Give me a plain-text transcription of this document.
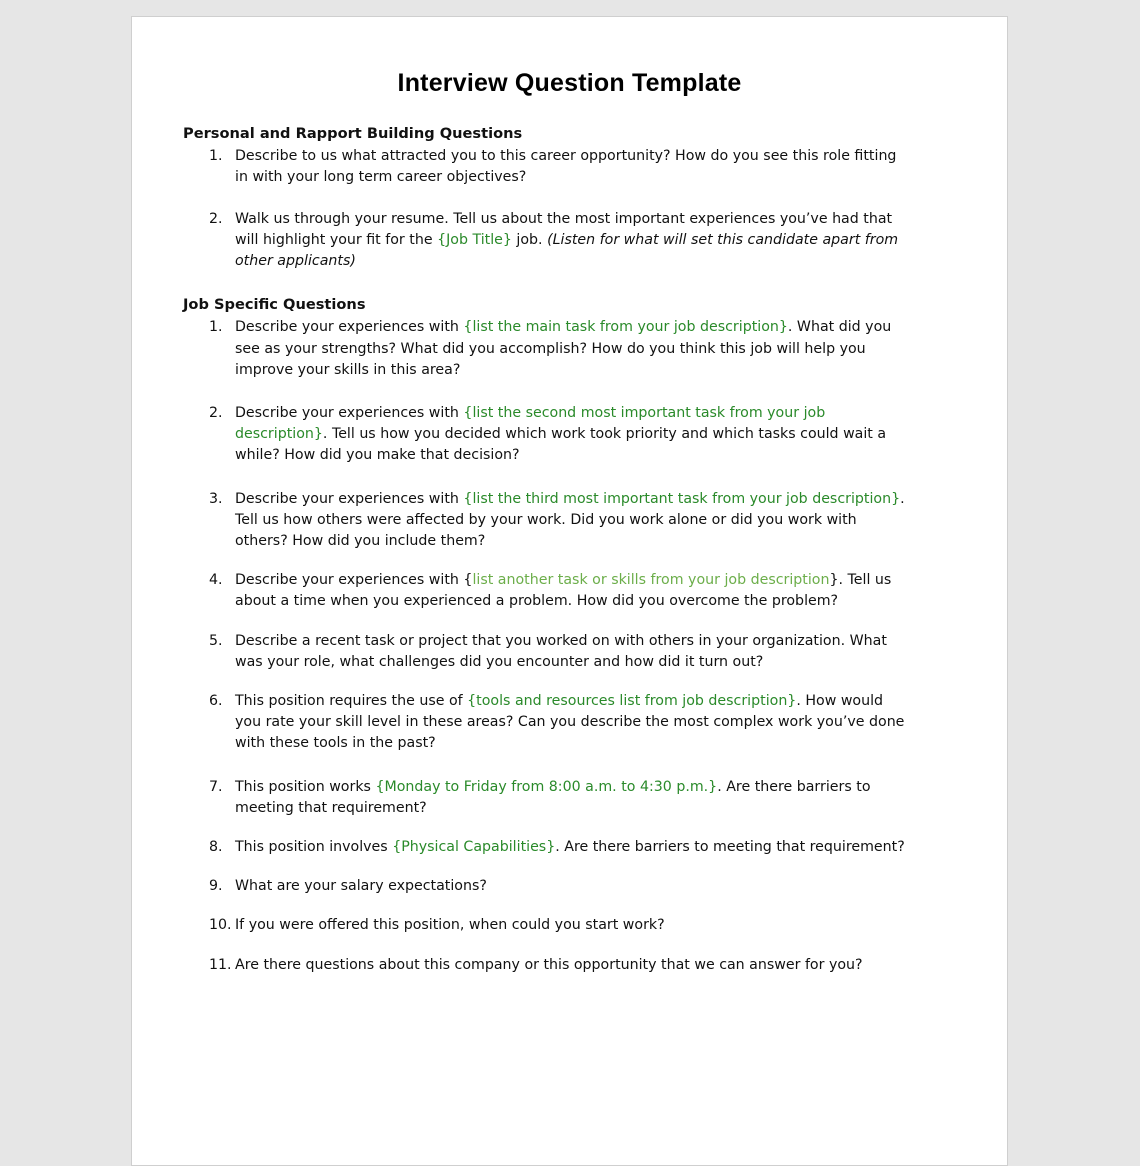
Interview Question Template

Personal and Rapport Building Questions

1. Describe to us what attracted you to this career opportunity? How do you see this role fitting in with your long term career objectives?
2. Walk us through your resume. Tell us about the most important experiences you’ve had that will highlight your fit for the {Job Title} job. (Listen for what will set this candidate apart from other applicants)

Job Specific Questions

1. Describe your experiences with {list the main task from your job description}. What did you see as your strengths? What did you accomplish? How do you think this job will help you improve your skills in this area?
2. Describe your experiences with {list the second most important task from your job description}. Tell us how you decided which work took priority and which tasks could wait a while? How did you make that decision?
3. Describe your experiences with {list the third most important task from your job description}. Tell us how others were affected by your work. Did you work alone or did you work with others? How did you include them?
4. Describe your experiences with {list another task or skills from your job description}. Tell us about a time when you experienced a problem. How did you overcome the problem?
5. Describe a recent task or project that you worked on with others in your organization. What was your role, what challenges did you encounter and how did it turn out?
6. This position requires the use of {tools and resources list from job description}. How would you rate your skill level in these areas? Can you describe the most complex work you’ve done with these tools in the past?
7. This position works {Monday to Friday from 8:00 a.m. to 4:30 p.m.}. Are there barriers to meeting that requirement?
8. This position involves {Physical Capabilities}. Are there barriers to meeting that requirement?
9. What are your salary expectations?
10. If you were offered this position, when could you start work?
11. Are there questions about this company or this opportunity that we can answer for you?
